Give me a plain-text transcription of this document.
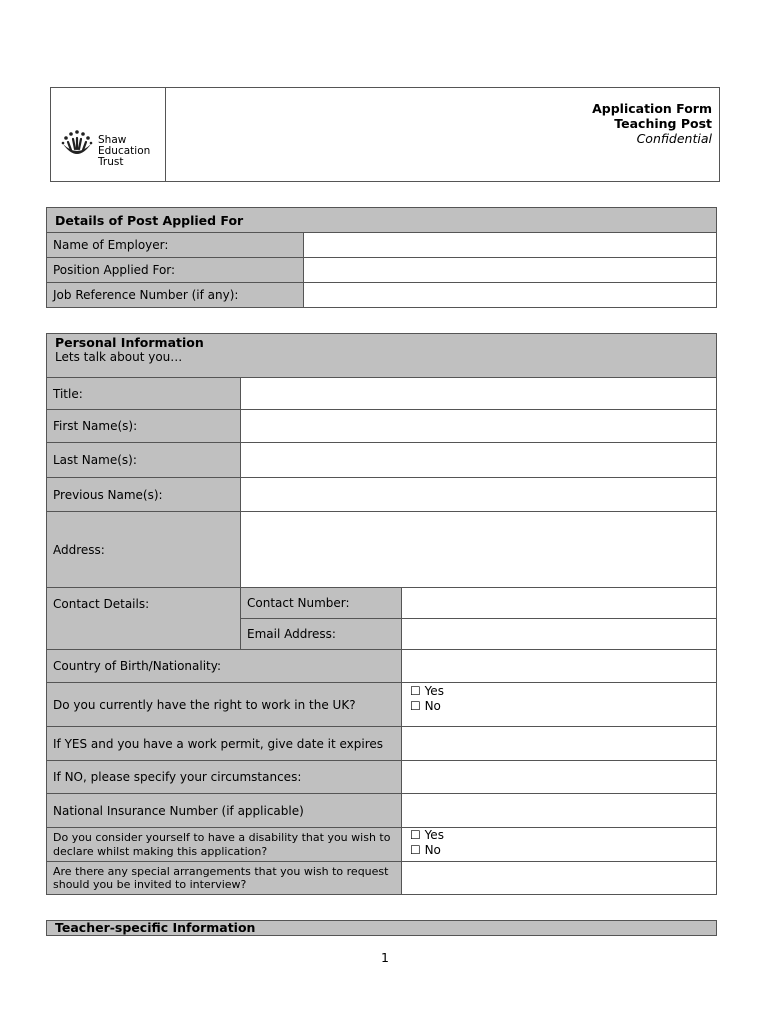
Shaw
Education
Trust
Application Form
Teaching Post
Confidential
Details of Post Applied For
Name of Employer:
Position Applied For:
Job Reference Number (if any):
Personal Information
Lets talk about you…
Title:
First Name(s):
Last Name(s):
Previous Name(s):
Address:
Contact Details:	Contact Number:
Email Address:
Country of Birth/Nationality:
Do you currently have the right to work in the UK?
☐ Yes
☐ No
If YES and you have a work permit, give date it expires
If NO, please specify your circumstances:
National Insurance Number (if applicable)
Do you consider yourself to have a disability that you wish to declare whilst making this application?
☐ Yes
☐ No
Are there any special arrangements that you wish to request should you be invited to interview?
Teacher-specific Information
1
